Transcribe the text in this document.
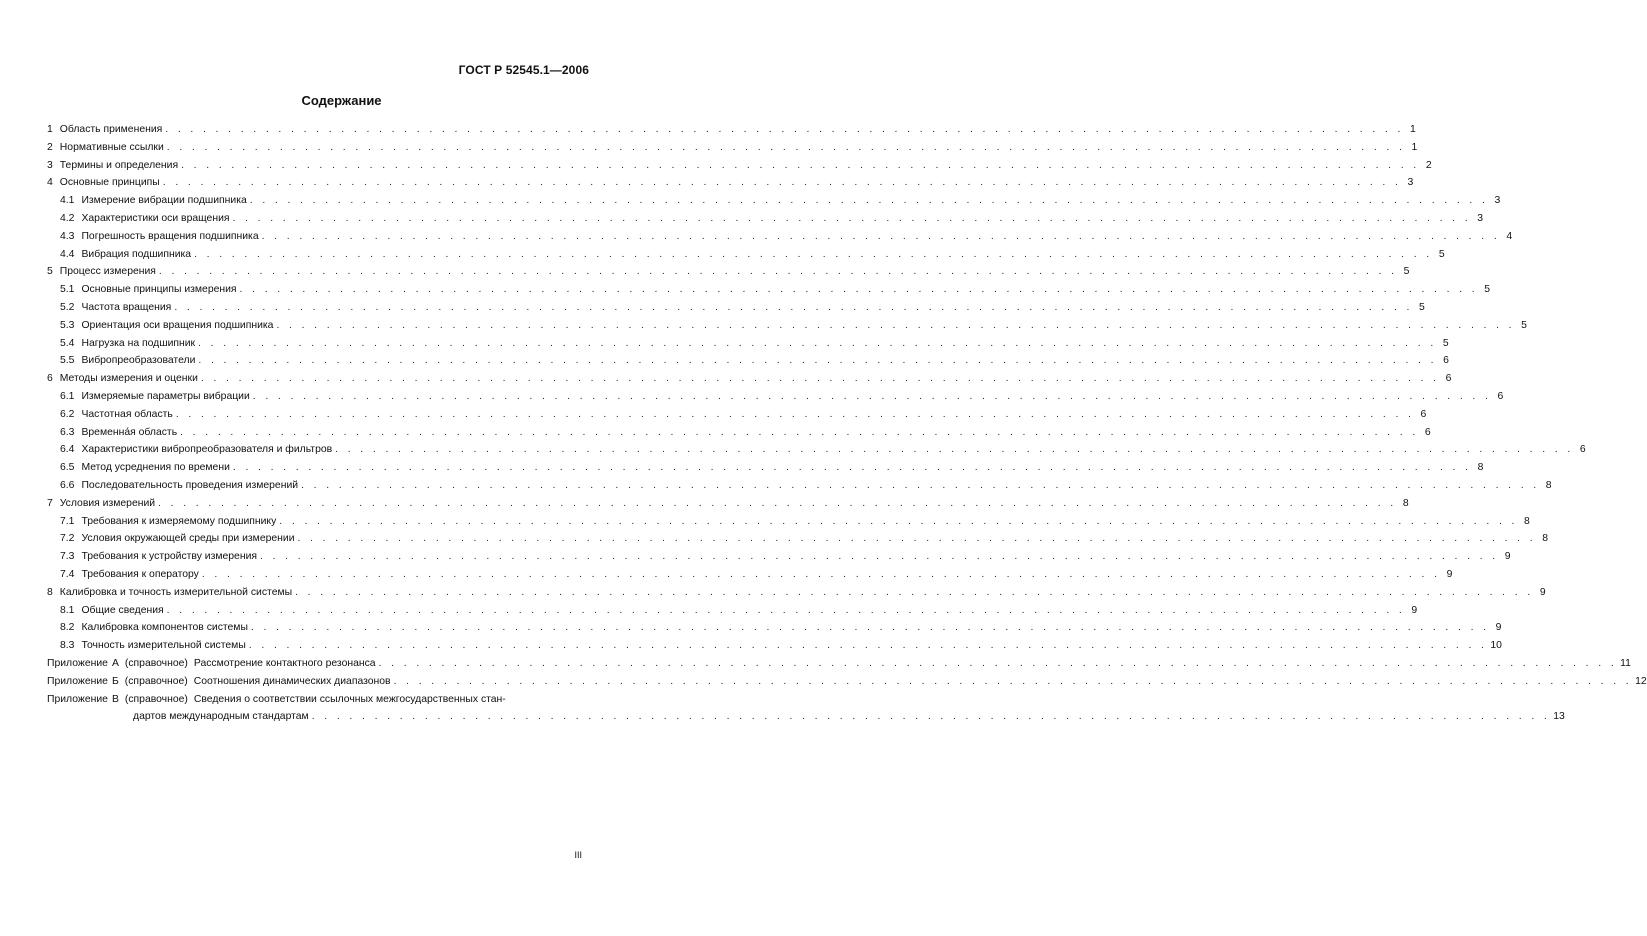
ГОСТ Р 52545.1—2006
Содержание
1 Область применения . . . . . . . . . . . . . . . . . . . . . . . . . . . . . . . . . . . . . . . . . . . . . . . . . . . . . . . . . . . . . . . . . . . . . . . . . . . . . . . . . . . . . . . . . . . . . . . . . . . 1
2 Нормативные ссылки . . . . . . . . . . . . . . . . . . . . . . . . . . . . . . . . . . . . . . . . . . . . . . . . . . . . . . . . . . . . . . . . . . . . . . . . . . . . . . . . . . . . . . . . . . . . . . . . . . . 1
3 Термины и определения . . . . . . . . . . . . . . . . . . . . . . . . . . . . . . . . . . . . . . . . . . . . . . . . . . . . . . . . . . . . . . . . . . . . . . . . . . . . . . . . . . . . . . . . . . . . . . . . . . . 2
4 Основные принципы . . . . . . . . . . . . . . . . . . . . . . . . . . . . . . . . . . . . . . . . . . . . . . . . . . . . . . . . . . . . . . . . . . . . . . . . . . . . . . . . . . . . . . . . . . . . . . . . . . . 3
4.1 Измерение вибрации подшипника . . . . . . . . . . . . . . . . . . . . . . . . . . . . . . . . . . . . . . . . . . . . . . . . . . . . . . . . . . . . . . . . . . . . . . . . . . . . . . . . . . . . . . . . . . . . . . . . . . . 3
4.2 Характеристики оси вращения . . . . . . . . . . . . . . . . . . . . . . . . . . . . . . . . . . . . . . . . . . . . . . . . . . . . . . . . . . . . . . . . . . . . . . . . . . . . . . . . . . . . . . . . . . . . . . . . . . . 3
4.3 Погрешность вращения подшипника . . . . . . . . . . . . . . . . . . . . . . . . . . . . . . . . . . . . . . . . . . . . . . . . . . . . . . . . . . . . . . . . . . . . . . . . . . . . . . . . . . . . . . . . . . . . . . . . . . . 4
4.4 Вибрация подшипника . . . . . . . . . . . . . . . . . . . . . . . . . . . . . . . . . . . . . . . . . . . . . . . . . . . . . . . . . . . . . . . . . . . . . . . . . . . . . . . . . . . . . . . . . . . . . . . . . . . 5
5 Процесс измерения . . . . . . . . . . . . . . . . . . . . . . . . . . . . . . . . . . . . . . . . . . . . . . . . . . . . . . . . . . . . . . . . . . . . . . . . . . . . . . . . . . . . . . . . . . . . . . . . . . . 5
5.1 Основные принципы измерения . . . . . . . . . . . . . . . . . . . . . . . . . . . . . . . . . . . . . . . . . . . . . . . . . . . . . . . . . . . . . . . . . . . . . . . . . . . . . . . . . . . . . . . . . . . . . . . . . . . 5
5.2 Частота вращения . . . . . . . . . . . . . . . . . . . . . . . . . . . . . . . . . . . . . . . . . . . . . . . . . . . . . . . . . . . . . . . . . . . . . . . . . . . . . . . . . . . . . . . . . . . . . . . . . . . 5
5.3 Ориентация оси вращения подшипника . . . . . . . . . . . . . . . . . . . . . . . . . . . . . . . . . . . . . . . . . . . . . . . . . . . . . . . . . . . . . . . . . . . . . . . . . . . . . . . . . . . . . . . . . . . . . . . . . . . 5
5.4 Нагрузка на подшипник . . . . . . . . . . . . . . . . . . . . . . . . . . . . . . . . . . . . . . . . . . . . . . . . . . . . . . . . . . . . . . . . . . . . . . . . . . . . . . . . . . . . . . . . . . . . . . . . . . . 5
5.5 Вибропреобразователи . . . . . . . . . . . . . . . . . . . . . . . . . . . . . . . . . . . . . . . . . . . . . . . . . . . . . . . . . . . . . . . . . . . . . . . . . . . . . . . . . . . . . . . . . . . . . . . . . . . 6
6 Методы измерения и оценки . . . . . . . . . . . . . . . . . . . . . . . . . . . . . . . . . . . . . . . . . . . . . . . . . . . . . . . . . . . . . . . . . . . . . . . . . . . . . . . . . . . . . . . . . . . . . . . . . . . 6
6.1 Измеряемые параметры вибрации . . . . . . . . . . . . . . . . . . . . . . . . . . . . . . . . . . . . . . . . . . . . . . . . . . . . . . . . . . . . . . . . . . . . . . . . . . . . . . . . . . . . . . . . . . . . . . . . . . . 6
6.2 Частотная область . . . . . . . . . . . . . . . . . . . . . . . . . . . . . . . . . . . . . . . . . . . . . . . . . . . . . . . . . . . . . . . . . . . . . . . . . . . . . . . . . . . . . . . . . . . . . . . . . . . 6
6.3 Временна́я область . . . . . . . . . . . . . . . . . . . . . . . . . . . . . . . . . . . . . . . . . . . . . . . . . . . . . . . . . . . . . . . . . . . . . . . . . . . . . . . . . . . . . . . . . . . . . . . . . . . 6
6.4 Характеристики вибропреобразователя и фильтров . . . . . . . . . . . . . . . . . . . . . . . . . . . . . . . . . . . . . . . . . . . . . . . . . . . . . . . . . . . . . . . . . . . . . . . . . . . . . . . . . . . . . . . . . . . . . . . . . . . 6
6.5 Метод усреднения по времени . . . . . . . . . . . . . . . . . . . . . . . . . . . . . . . . . . . . . . . . . . . . . . . . . . . . . . . . . . . . . . . . . . . . . . . . . . . . . . . . . . . . . . . . . . . . . . . . . . . 8
6.6 Последовательность проведения измерений . . . . . . . . . . . . . . . . . . . . . . . . . . . . . . . . . . . . . . . . . . . . . . . . . . . . . . . . . . . . . . . . . . . . . . . . . . . . . . . . . . . . . . . . . . . . . . . . . . . 8
7 Условия измерений . . . . . . . . . . . . . . . . . . . . . . . . . . . . . . . . . . . . . . . . . . . . . . . . . . . . . . . . . . . . . . . . . . . . . . . . . . . . . . . . . . . . . . . . . . . . . . . . . . . 8
7.1 Требования к измеряемому подшипнику . . . . . . . . . . . . . . . . . . . . . . . . . . . . . . . . . . . . . . . . . . . . . . . . . . . . . . . . . . . . . . . . . . . . . . . . . . . . . . . . . . . . . . . . . . . . . . . . . . . 8
7.2 Условия окружающей среды при измерении . . . . . . . . . . . . . . . . . . . . . . . . . . . . . . . . . . . . . . . . . . . . . . . . . . . . . . . . . . . . . . . . . . . . . . . . . . . . . . . . . . . . . . . . . . . . . . . . . . . 8
7.3 Требования к устройству измерения . . . . . . . . . . . . . . . . . . . . . . . . . . . . . . . . . . . . . . . . . . . . . . . . . . . . . . . . . . . . . . . . . . . . . . . . . . . . . . . . . . . . . . . . . . . . . . . . . . . 9
7.4 Требования к оператору . . . . . . . . . . . . . . . . . . . . . . . . . . . . . . . . . . . . . . . . . . . . . . . . . . . . . . . . . . . . . . . . . . . . . . . . . . . . . . . . . . . . . . . . . . . . . . . . . . . 9
8 Калибровка и точность измерительной системы . . . . . . . . . . . . . . . . . . . . . . . . . . . . . . . . . . . . . . . . . . . . . . . . . . . . . . . . . . . . . . . . . . . . . . . . . . . . . . . . . . . . . . . . . . . . . . . . . . . 9
8.1 Общие сведения . . . . . . . . . . . . . . . . . . . . . . . . . . . . . . . . . . . . . . . . . . . . . . . . . . . . . . . . . . . . . . . . . . . . . . . . . . . . . . . . . . . . . . . . . . . . . . . . . . . 9
8.2 Калибровка компонентов системы . . . . . . . . . . . . . . . . . . . . . . . . . . . . . . . . . . . . . . . . . . . . . . . . . . . . . . . . . . . . . . . . . . . . . . . . . . . . . . . . . . . . . . . . . . . . . . . . . . . 9
8.3 Точность измерительной системы . . . . . . . . . . . . . . . . . . . . . . . . . . . . . . . . . . . . . . . . . . . . . . . . . . . . . . . . . . . . . . . . . . . . . . . . . . . . . . . . . . . . . . . . . . . . . . . . . . . 10
Приложение А (справочное) Рассмотрение контактного резонанса . . . . . . . . . . . . . . . . . . . . . . . . . . . . . . . . . . . . . . . . . . . . . . . . . . . . . . . . . . . . . . . . . . . . . . . . . . . . . . . . . . . . . . . . . . . . . . . . . . . 11
Приложение Б (справочное) Соотношения динамических диапазонов . . . . . . . . . . . . . . . . . . . . . . . . . . . . . . . . . . . . . . . . . . . . . . . . . . . . . . . . . . . . . . . . . . . . . . . . . . . . . . . . . . . . . . . . . . . . . . . . . . . 12
Приложение В (справочное) Сведения о соответствии ссылочных межгосударственных стан-
дартов международным стандартам . . . . . . . . . . . . . . . . . . . . . . . . . . . . . . . . . . . . . . . . . . . . . . . . . . . . . . . . . . . . . . . . . . . . . . . . . . . . . . . . . . . . . . . . . . . . . . . . . . . 13
III
